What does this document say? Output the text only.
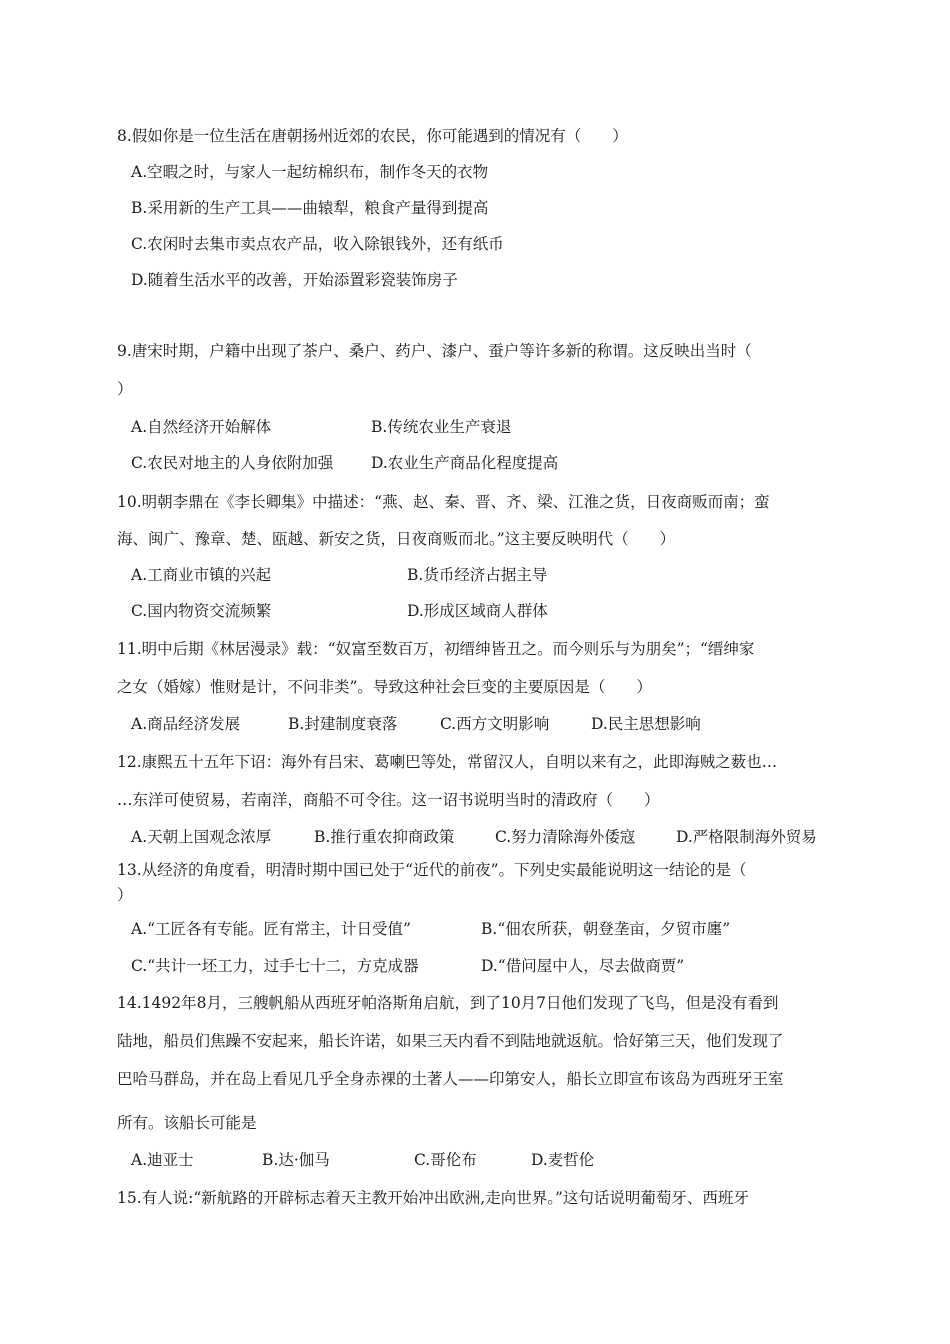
8.假如你是一位生活在唐朝扬州近郊的农民，你可能遇到的情况有（　　）
A.空暇之时，与家人一起纺棉织布，制作冬天的衣物
B.采用新的生产工具——曲辕犁，粮食产量得到提高
C.农闲时去集市卖点农产品，收入除银钱外，还有纸币
D.随着生活水平的改善，开始添置彩瓷装饰房子
9.唐宋时期，户籍中出现了茶户、桑户、药户、漆户、蚕户等许多新的称谓。这反映出当时（
）
A.自然经济开始解体	B.传统农业生产衰退
C.农民对地主的人身依附加强 D.农业生产商品化程度提高
10.明朝李鼎在《李长卿集》中描述：“燕、赵、秦、晋、齐、梁、江淮之货，日夜商贩而南；蛮
海、闽广、豫章、楚、瓯越、新安之货，日夜商贩而北。”这主要反映明代（　　）
A.工商业市镇的兴起	B.货币经济占据主导
C.国内物资交流频繁	D.形成区域商人群体
11.明中后期《林居漫录》载：“奴富至数百万，初缙绅皆丑之。而今则乐与为朋矣”；“缙绅家
之女（婚嫁）惟财是计，不问非类”。导致这种社会巨变的主要原因是（　　）
A.商品经济发展	B.封建制度衰落	C.西方文明影响	D.民主思想影响
12.康熙五十五年下诏：海外有吕宋、葛喇巴等处，常留汉人，自明以来有之，此即海贼之薮也…
…东洋可使贸易，若南洋，商船不可令往。这一诏书说明当时的清政府（　　）
A.天朝上国观念浓厚	B.推行重农抑商政策	C.努力清除海外倭寇	D.严格限制海外贸易
13.从经济的角度看，明清时期中国已处于“近代的前夜”。下列史实最能说明这一结论的是（
）
A.“工匠各有专能。匠有常主，计日受值”	B.“佃农所获，朝登垄亩，夕贸市廛”
C.“共计一坯工力，过手七十二，方克成器	D.“借问屋中人，尽去做商贾”
14.1492年8月，三艘帆船从西班牙帕洛斯角启航，到了10月7日他们发现了飞鸟，但是没有看到
陆地，船员们焦躁不安起来，船长许诺，如果三天内看不到陆地就返航。恰好第三天，他们发现了
巴哈马群岛，并在岛上看见几乎全身赤裸的土著人——印第安人，船长立即宣布该岛为西班牙王室
所有。该船长可能是
A.迪亚士	B.达·伽马	C.哥伦布	D.麦哲伦
15.有人说:“新航路的开辟标志着天主教开始冲出欧洲,走向世界。”这句话说明葡萄牙、西班牙
